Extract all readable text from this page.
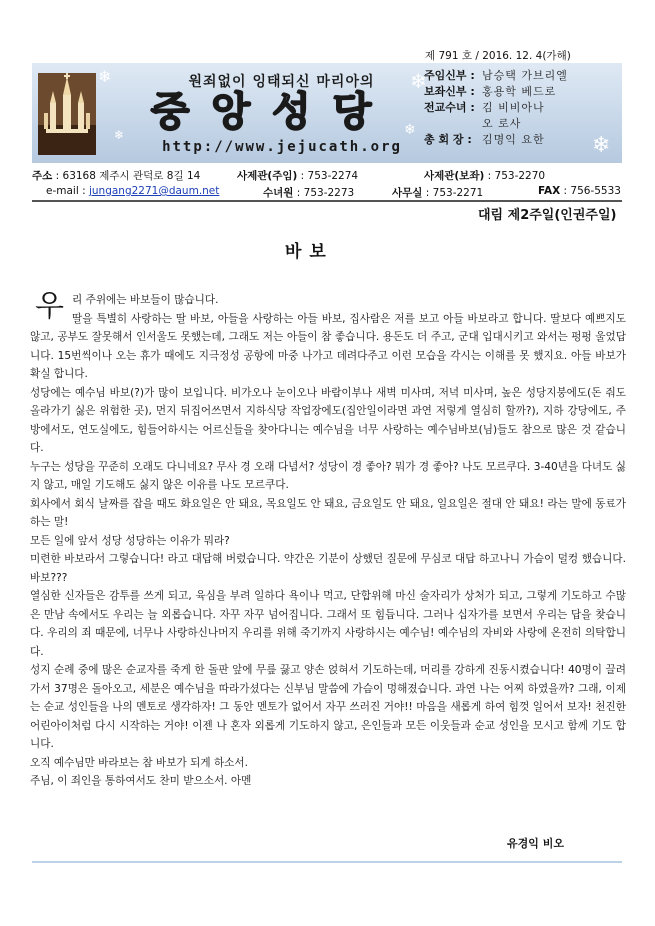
제 791 호 / 2016. 12. 4(가해)
❄
❄
❄
❄
❄
원죄없이 잉태되신 마리아의
중앙성당
http://www.jejucath.org
주임신부 : 남승택 가브리엘
보좌신부 : 홍용학 베드로
전교수녀 : 김 비비아나
오 로사
총 회 장 : 김명익 요한
주소 : 63168 제주시 관덕로 8길 14	사제관(주임) : 753-2274	사제관(보좌) : 753-2270
e-mail : jungang2271@daum.net	수녀원 : 753-2273	사무실 : 753-2271	FAX : 756-5533
대림 제2주일(인권주일)
바보

우리 주위에는 바보들이 많습니다.

딸을 특별히 사랑하는 딸 바보, 아들을 사랑하는 아들 바보, 집사람은 저를 보고 아들 바보라고 합니다. 딸보다 예쁘지도 않고, 공부도 잘못해서 인서울도 못했는데, 그래도 저는 아들이 참 좋습니다. 용돈도 더 주고, 군대 입대시키고 와서는 펑펑 울었답니다. 15번씩이나 오는 휴가 때에도 지극정성 공항에 마중 나가고 데려다주고 이런 모습을 각시는 이해를 못 했지요. 아들 바보가 확실 합니다.

성당에는 예수님 바보(?)가 많이 보입니다. 비가오나 눈이오나 바람이부나 새벽 미사며, 저녁 미사며, 높은 성당지붕에도(돈 줘도 올라가기 싫은 위험한 곳), 먼지 뒤집어쓰면서 지하식당 작업장에도(집안일이라면 과연 저렇게 열심히 할까?), 지하 강당에도, 주방에서도, 연도실에도, 힘들어하시는 어르신들을 찾아다니는 예수님을 너무 사랑하는 예수님바보(님)들도 참으로 많은 것 같습니다.

누구는 성당을 꾸준히 오래도 다니네요? 무사 경 오래 다념서? 성당이 경 좋아? 뭐가 경 좋아? 나도 모르쿠다. 3-40년을 다녀도 싫지 않고, 매일 기도해도 싫지 않은 이유를 나도 모르쿠다.

회사에서 회식 날짜를 잡을 때도 화요일은 안 돼요, 목요일도 안 돼요, 금요일도 안 돼요, 일요일은 절대 안 돼요! 라는 말에 동료가 하는 말!

모든 일에 앞서 성당 성당하는 이유가 뭐라?

미련한 바보라서 그렇습니다! 라고 대답해 버렸습니다. 약간은 기분이 상했던 질문에 무심코 대답 하고나니 가슴이 덜컹 했습니다. 바보???

열심한 신자들은 감투를 쓰게 되고, 육심을 부려 일하다 욕이나 먹고, 단합위해 마신 술자리가 상처가 되고, 그렇게 기도하고 수많은 만남 속에서도 우리는 늘 외롭습니다. 자꾸 자꾸 넘어집니다. 그래서 또 힘듭니다. 그러나 십자가를 보면서 우리는 답을 찾습니다. 우리의 죄 때문에, 너무나 사랑하신나머지 우리를 위해 죽기까지 사랑하시는 예수님! 예수님의 자비와 사랑에 온전히 의탁합니다.

성지 순례 중에 많은 순교자를 죽게 한 돌판 앞에 무릎 끓고 양손 얹혀서 기도하는데, 머리를 강하게 진동시켰습니다! 40명이 끌려가서 37명은 돌아오고, 세분은 예수님을 따라가셨다는 신부님 말씀에 가슴이 멍해졌습니다. 과연 나는 어찌 하였을까? 그래, 이제는 순교 성인들을 나의 멘토로 생각하자! 그 동안 멘토가 없어서 자꾸 쓰러진 거야!! 마음을 새롭게 하여 힘껏 일어서 보자! 천진한 어린아이처럼 다시 시작하는 거야! 이젠 나 혼자 외롭게 기도하지 않고, 은인들과 모든 이웃들과 순교 성인을 모시고 함께 기도 합니다.

오직 예수님만 바라보는 참 바보가 되게 하소서.

주님, 이 죄인을 통하여서도 찬미 받으소서. 아멘

유경익 비오
